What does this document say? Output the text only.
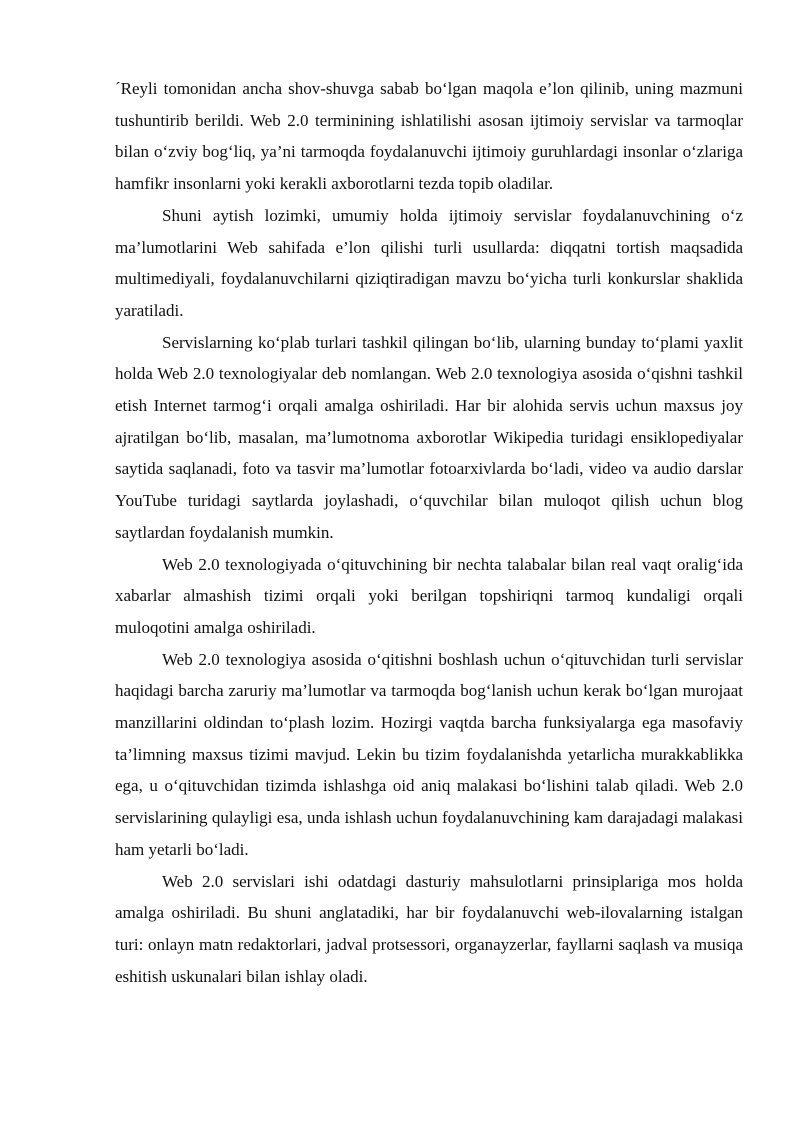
´Reyli tomonidan ancha shov-shuvga sabab bo‘lgan maqola e’lon qilinib, uning mazmuni tushuntirib berildi. Web 2.0 terminining ishlatilishi asosan ijtimoiy servislar va tarmoqlar bilan o‘zviy bog‘liq, ya’ni tarmoqda foydalanuvchi ijtimoiy guruhlardagi insonlar o‘zlariga hamfikr insonlarni yoki kerakli axborotlarni tezda topib oladilar.

Shuni aytish lozimki, umumiy holda ijtimoiy servislar foydalanuvchining o‘z ma’lumotlarini Web sahifada e’lon qilishi turli usullarda: diqqatni tortish maqsadida multimediyali, foydalanuvchilarni qiziqtiradigan mavzu bo‘yicha turli konkurslar shaklida yaratiladi.

Servislarning ko‘plab turlari tashkil qilingan bo‘lib, ularning bunday to‘plami yaxlit holda Web 2.0 texnologiyalar deb nomlangan. Web 2.0 texnologiya asosida o‘qishni tashkil etish Internet tarmog‘i orqali amalga oshiriladi. Har bir alohida servis uchun maxsus joy ajratilgan bo‘lib, masalan, ma’lumotnoma axborotlar Wikipedia turidagi ensiklopediyalar saytida saqlanadi, foto va tasvir ma’lumotlar fotoarxivlarda bo‘ladi, video va audio darslar YouTube turidagi saytlarda joylashadi, o‘quvchilar bilan muloqot qilish uchun blog saytlardan foydalanish mumkin.

Web 2.0 texnologiyada o‘qituvchining bir nechta talabalar bilan real vaqt oralig‘ida xabarlar almashish tizimi orqali yoki berilgan topshiriqni tarmoq kundaligi orqali muloqotini amalga oshiriladi.

Web 2.0 texnologiya asosida o‘qitishni boshlash uchun o‘qituvchidan turli servislar haqidagi barcha zaruriy ma’lumotlar va tarmoqda bog‘lanish uchun kerak bo‘lgan murojaat manzillarini oldindan to‘plash lozim. Hozirgi vaqtda barcha funksiyalarga ega masofaviy ta’limning maxsus tizimi mavjud. Lekin bu tizim foydalanishda yetarlicha murakkablikka ega, u o‘qituvchidan tizimda ishlashga oid aniq malakasi bo‘lishini talab qiladi. Web 2.0 servislarining qulayligi esa, unda ishlash uchun foydalanuvchining kam darajadagi malakasi ham yetarli bo‘ladi.

Web 2.0 servislari ishi odatdagi dasturiy mahsulotlarni prinsiplariga mos holda amalga oshiriladi. Bu shuni anglatadiki, har bir foydalanuvchi web-ilovalarning istalgan turi: onlayn matn redaktorlari, jadval protsessori, organayzerlar, fayllarni saqlash va musiqa eshitish uskunalari bilan ishlay oladi.
